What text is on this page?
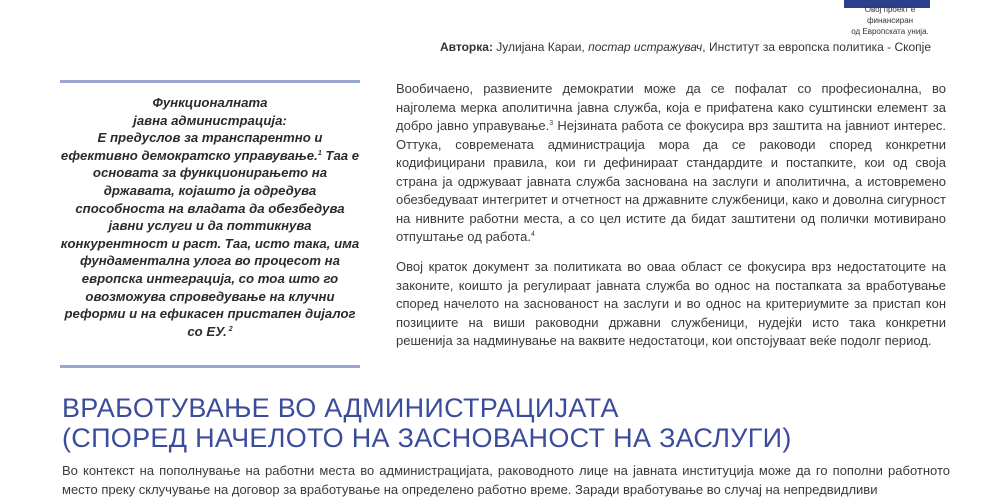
Овој проект е финансиран
од Европската унија.
Авторка: Јулијана Караи, постар истражувач, Институт за европска политика - Скопје

Функционалната

јавна администрација:

Е предуслов за транспарентно и ефективно демократско управување.$^1$ Таа е основата за функционирањето на државата, којашто ја одредува способноста на владата да обезбедува јавни услуги и да поттикнува конкурентност и раст. Таа, исто така, има фундаментална улога во процесот на европска интеграција, со тоа што го овозможува спроведување на клучни реформи и на ефикасен пристапен дијалог со ЕУ. $^2$

Вообичаено, развиените демократии може да се пофалат со професионална, во најголема мерка аполитична јавна служба, која е прифатена како суштински елемент за добро јавно управување.$^3$ Нејзината работа се фокусира врз заштита на јавниот интерес. Оттука, современата администрација мора да се раководи според конкретни кодифицирани правила, кои ги дефинираат стандардите и постапките, кои од своја страна ја одржуваат јавната служба заснована на заслуги и аполитична, а истовремено обезбедуваат интегритет и отчетност на државните службеници, како и доволна сигурност на нивните работни места, а со цел истите да бидат заштитени од полички мотивирано отпуштање од работа.$^4$
Овој краток документ за политиката во оваа област се фокусира врз недостатоците на законите, коишто ја регулираат јавната служба во однос на постапката за вработување според начелото на заснованост на заслуги и во однос на критериумите за пристап кон позициите на виши раководни државни службеници, нудејќи исто така конкретни решенија за надминување на ваквите недостатоци, кои опстојуваат веќе подолг период.
ВРАБОТУВАЊЕ ВО АДМИНИСТРАЦИЈАТА
(СПОРЕД НАЧЕЛОТО НА ЗАСНОВАНОСТ НА ЗАСЛУГИ)
Во контекст на пополнување на работни места во администрацијата, раководното лице на јавната институција може да го пополни работното место преку склучување на договор за вработување на определено работно време. Заради вработување во случај на непредвидливи
